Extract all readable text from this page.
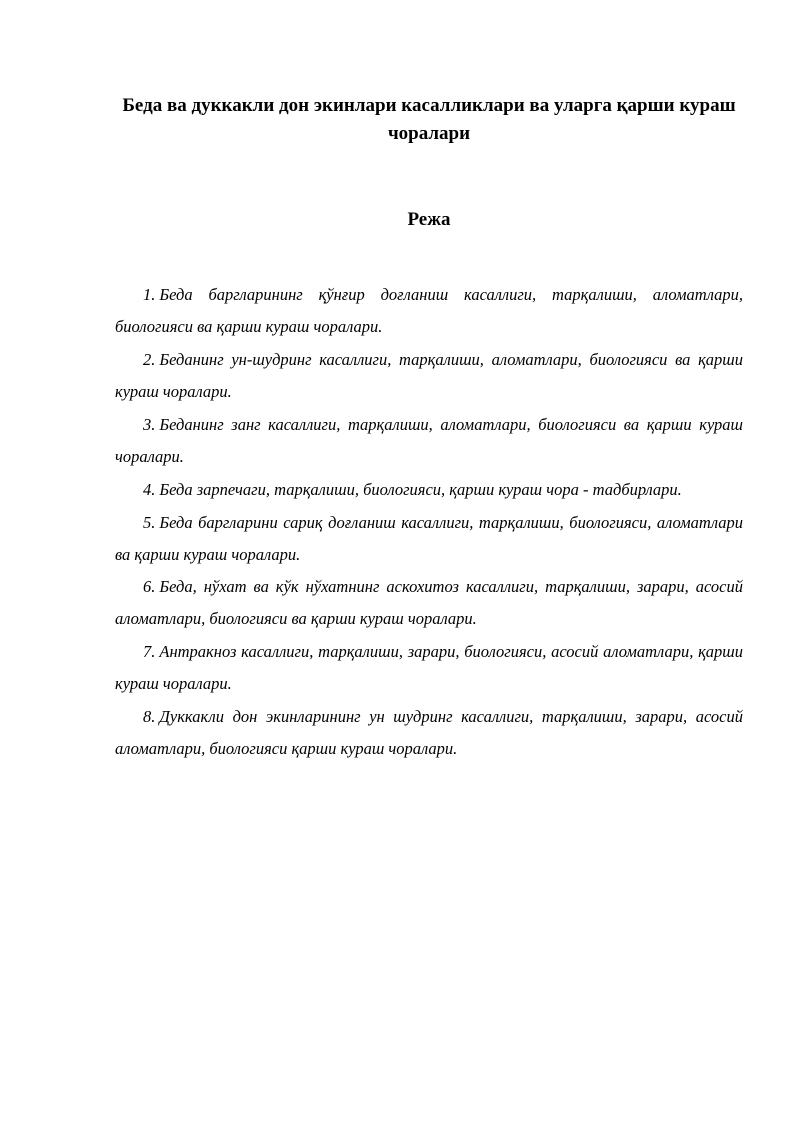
Беда ва дуккакли дон экинлари касалликлари ва уларга қарши кураш чоралари
Режа
1. Беда баргларининг қўнғир доғланиш касаллиги, тарқалиши, аломатлари, биологияси ва қарши кураш чоралари.
2. Беданинг ун-шудринг касаллиги, тарқалиши, аломатлари, биологияси ва қарши кураш чоралари.
3. Беданинг занг касаллиги, тарқалиши, аломатлари, биологияси ва қарши кураш чоралари.
4. Беда зарпечаги, тарқалиши, биологияси, қарши кураш чора - тадбирлари.
5. Беда баргларини сариқ доғланиш касаллиги, тарқалиши, биологияси, аломатлари ва қарши кураш чоралари.
6. Беда, нўхат ва кўк нўхатнинг аскохитоз касаллиги, тарқалиши, зарари, асосий аломатлари, биологияси ва қарши кураш чоралари.
7. Антракноз касаллиги, тарқалиши, зарари, биологияси, асосий аломатлари, қарши кураш чоралари.
8. Дуккакли дон экинларининг ун шудринг касаллиги, тарқалиши, зарари, асосий аломатлари, биологияси қарши кураш чоралари.
